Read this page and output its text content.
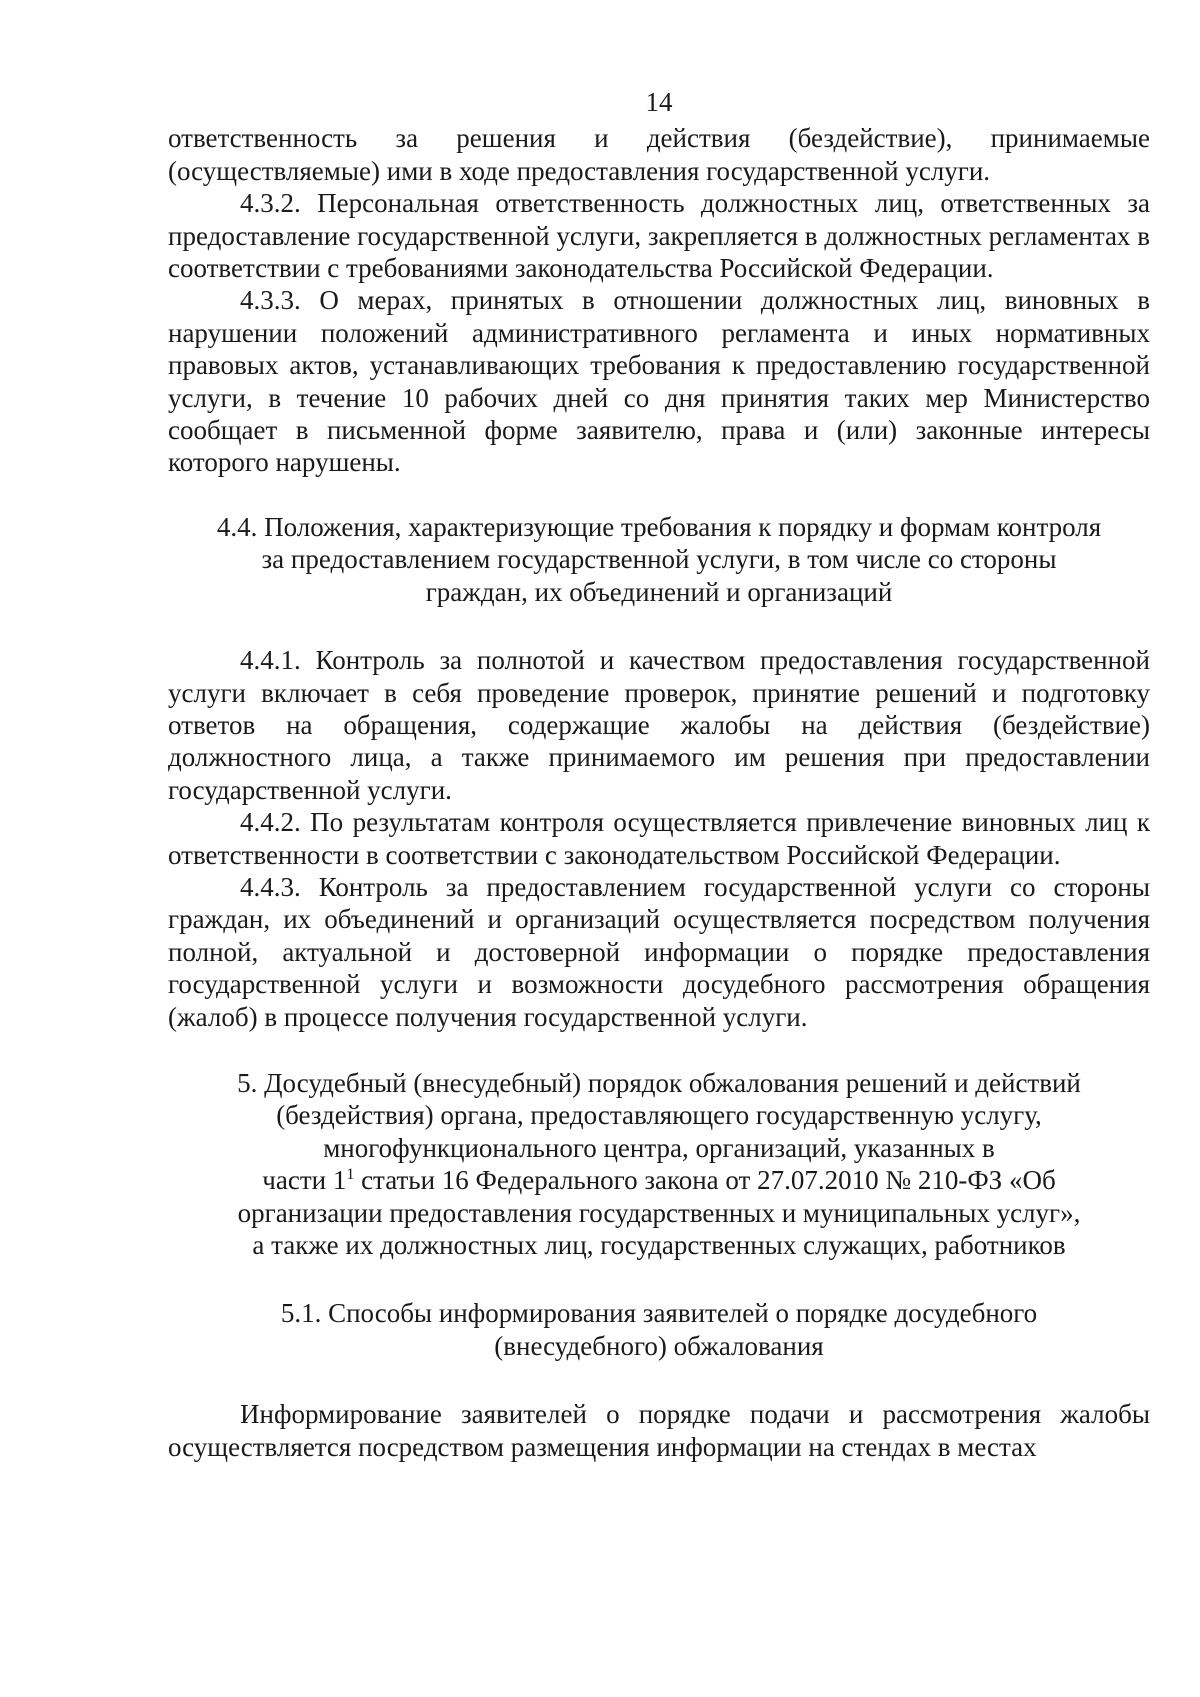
14

ответственность за решения и действия (бездействие), принимаемые (осуществляемые) ими в ходе предоставления государственной услуги.

4.3.2. Персональная ответственность должностных лиц, ответственных за предоставление государственной услуги, закрепляется в должностных регламентах в соответствии с требованиями законодательства Российской Федерации.

4.3.3. О мерах, принятых в отношении должностных лиц, виновных в нарушении положений административного регламента и иных нормативных правовых актов, устанавливающих требования к предоставлению государственной услуги, в течение 10 рабочих дней со дня принятия таких мер Министерство сообщает в письменной форме заявителю, права и (или) законные интересы которого нарушены.

4.4. Положения, характеризующие требования к порядку и формам контроля
за предоставлением государственной услуги, в том числе со стороны
граждан, их объединений и организаций

4.4.1. Контроль за полнотой и качеством предоставления государственной услуги включает в себя проведение проверок, принятие решений и подготовку ответов на обращения, содержащие жалобы на действия (бездействие) должностного лица, а также принимаемого им решения при предоставлении государственной услуги.

4.4.2. По результатам контроля осуществляется привлечение виновных лиц к ответственности в соответствии с законодательством Российской Федерации.

4.4.3. Контроль за предоставлением государственной услуги со стороны граждан, их объединений и организаций осуществляется посредством получения полной, актуальной и достоверной информации о порядке предоставления государственной услуги и возможности досудебного рассмотрения обращения (жалоб) в процессе получения государственной услуги.

5. Досудебный (внесудебный) порядок обжалования решений и действий
(бездействия) органа, предоставляющего государственную услугу,
многофункционального центра, организаций, указанных в
части $1^1$ статьи 16 Федерального закона от 27.07.2010 № 210-ФЗ «Об
организации предоставления государственных и муниципальных услуг»,
а также их должностных лиц, государственных служащих, работников
5.1. Способы информирования заявителей о порядке досудебного
(внесудебного) обжалования

Информирование заявителей о порядке подачи и рассмотрения жалобы осуществляется посредством размещения информации на стендах в местах
